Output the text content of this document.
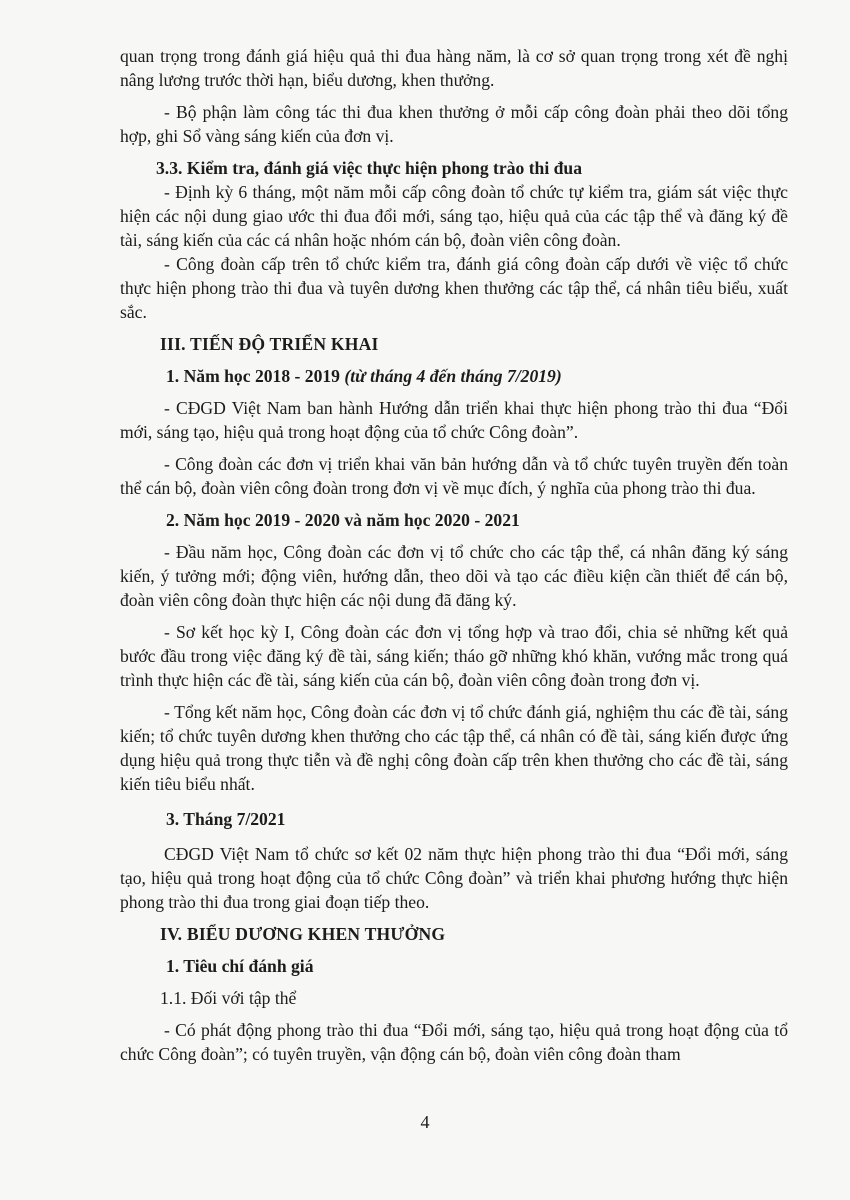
quan trọng trong đánh giá hiệu quả thi đua hàng năm, là cơ sở quan trọng trong xét đề nghị nâng lương trước thời hạn, biểu dương, khen thưởng.

- Bộ phận làm công tác thi đua khen thưởng ở mỗi cấp công đoàn phải theo dõi tổng hợp, ghi Sổ vàng sáng kiến của đơn vị.

3.3. Kiểm tra, đánh giá việc thực hiện phong trào thi đua

- Định kỳ 6 tháng, một năm mỗi cấp công đoàn tổ chức tự kiểm tra, giám sát việc thực hiện các nội dung giao ước thi đua đổi mới, sáng tạo, hiệu quả của các tập thể và đăng ký đề tài, sáng kiến của các cá nhân hoặc nhóm cán bộ, đoàn viên công đoàn.

- Công đoàn cấp trên tổ chức kiểm tra, đánh giá công đoàn cấp dưới về việc tổ chức thực hiện phong trào thi đua và tuyên dương khen thưởng các tập thể, cá nhân tiêu biểu, xuất sắc.

III. TIẾN ĐỘ TRIỂN KHAI

1. Năm học 2018 - 2019 (từ tháng 4 đến tháng 7/2019)

- CĐGD Việt Nam ban hành Hướng dẫn triển khai thực hiện phong trào thi đua “Đổi mới, sáng tạo, hiệu quả trong hoạt động của tổ chức Công đoàn”.

- Công đoàn các đơn vị triển khai văn bản hướng dẫn và tổ chức tuyên truyền đến toàn thể cán bộ, đoàn viên công đoàn trong đơn vị về mục đích, ý nghĩa của phong trào thi đua.

2. Năm học 2019 - 2020 và năm học 2020 - 2021

- Đầu năm học, Công đoàn các đơn vị tổ chức cho các tập thể, cá nhân đăng ký sáng kiến, ý tưởng mới; động viên, hướng dẫn, theo dõi và tạo các điều kiện cần thiết để cán bộ, đoàn viên công đoàn thực hiện các nội dung đã đăng ký.

- Sơ kết học kỳ I, Công đoàn các đơn vị tổng hợp và trao đổi, chia sẻ những kết quả bước đầu trong việc đăng ký đề tài, sáng kiến; tháo gỡ những khó khăn, vướng mắc trong quá trình thực hiện các đề tài, sáng kiến của cán bộ, đoàn viên công đoàn trong đơn vị.

- Tổng kết năm học, Công đoàn các đơn vị tổ chức đánh giá, nghiệm thu các đề tài, sáng kiến; tổ chức tuyên dương khen thưởng cho các tập thể, cá nhân có đề tài, sáng kiến được ứng dụng hiệu quả trong thực tiễn và đề nghị công đoàn cấp trên khen thưởng cho các đề tài, sáng kiến tiêu biểu nhất.

3. Tháng 7/2021

CĐGD Việt Nam tổ chức sơ kết 02 năm thực hiện phong trào thi đua “Đổi mới, sáng tạo, hiệu quả trong hoạt động của tổ chức Công đoàn” và triển khai phương hướng thực hiện phong trào thi đua trong giai đoạn tiếp theo.

IV. BIỂU DƯƠNG KHEN THƯỞNG

1. Tiêu chí đánh giá

1.1. Đối với tập thể

- Có phát động phong trào thi đua “Đổi mới, sáng tạo, hiệu quả trong hoạt động của tổ chức Công đoàn”; có tuyên truyền, vận động cán bộ, đoàn viên công đoàn tham

4
